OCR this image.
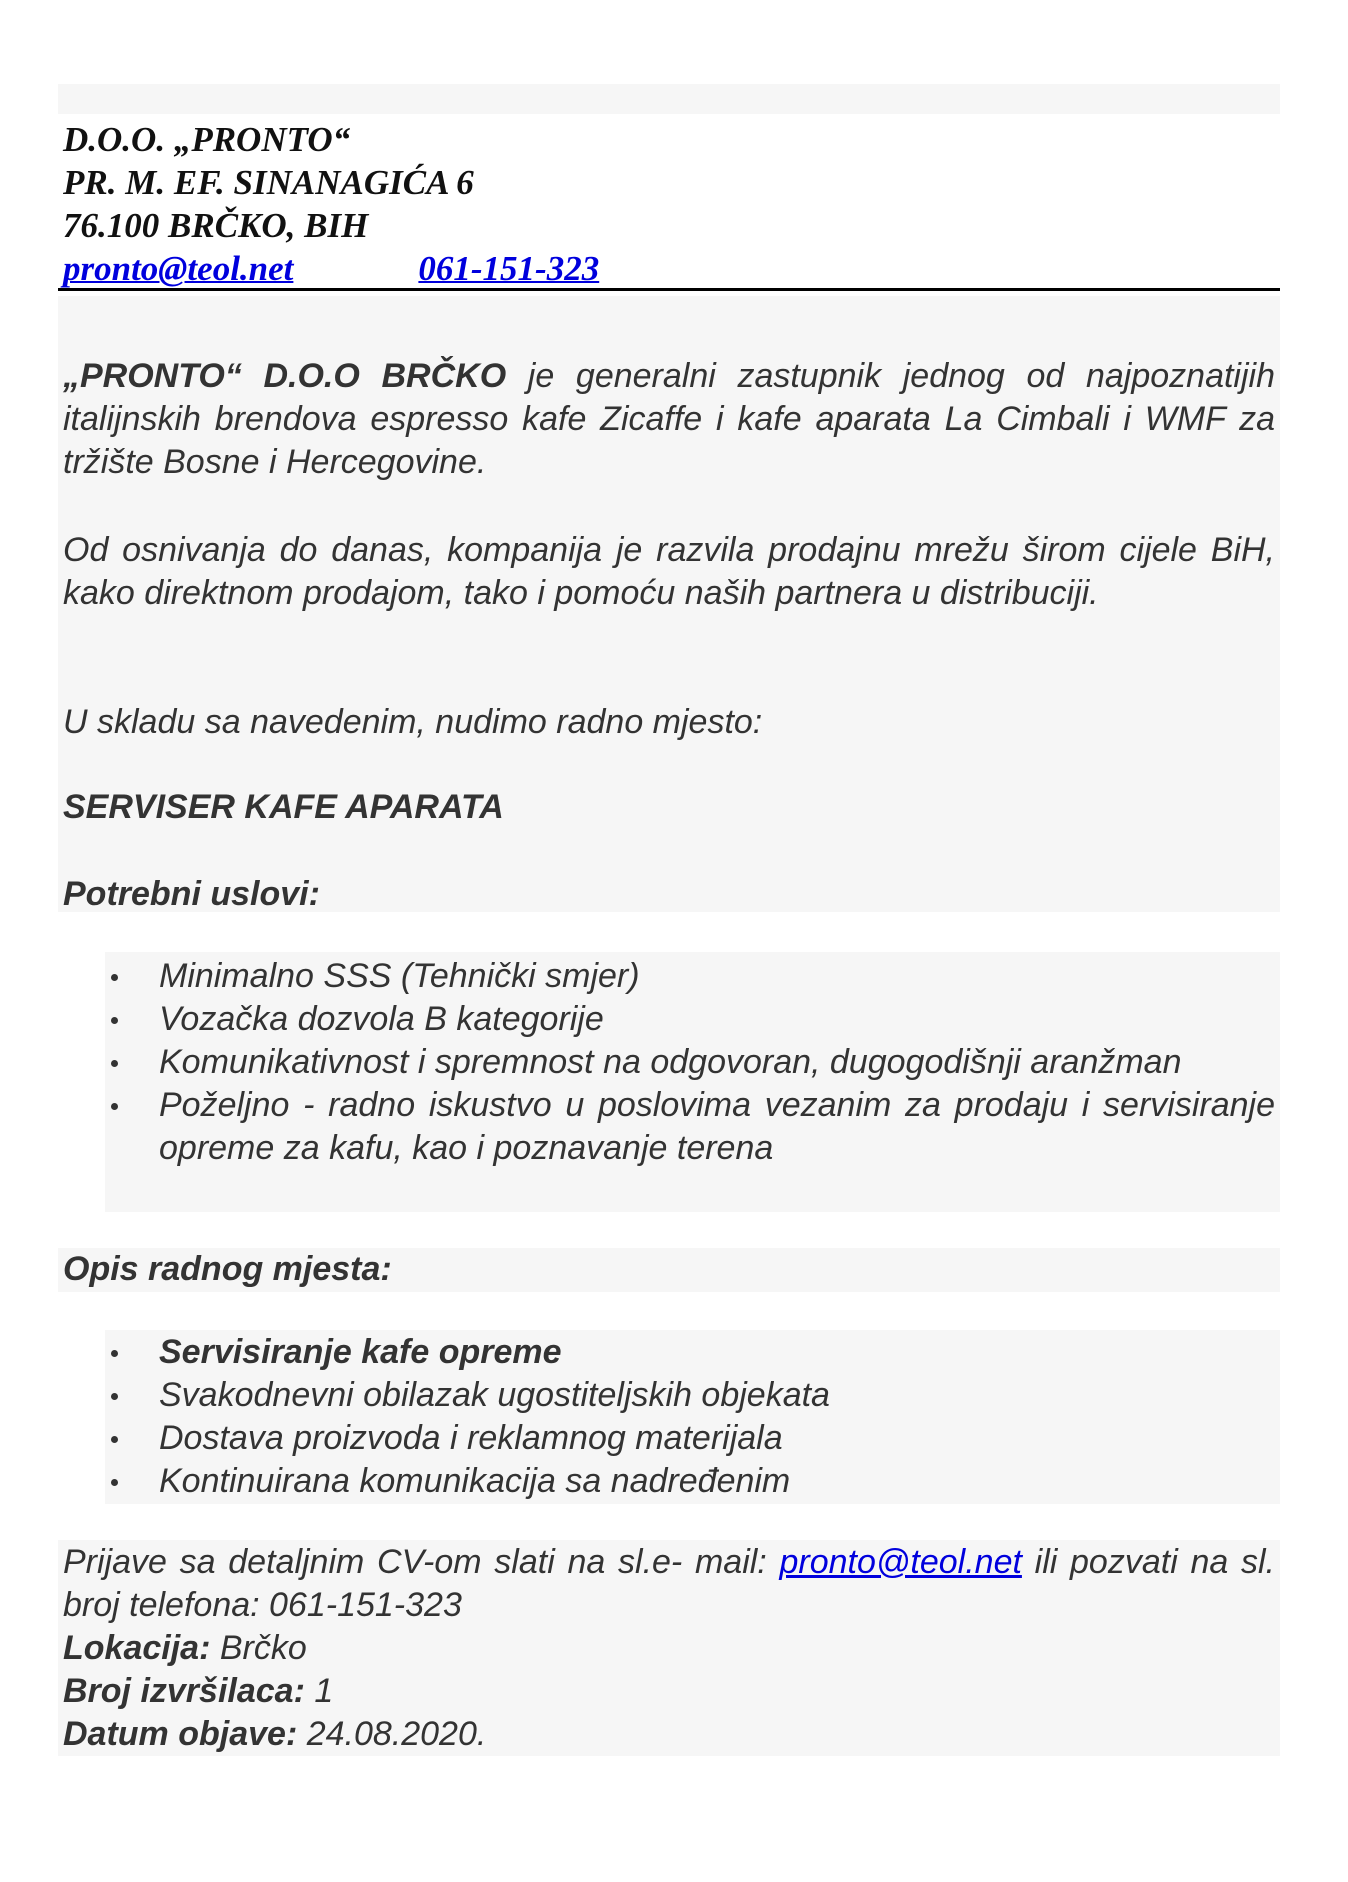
D.O.O. „PRONTO“
PR. M. EF. SINANAGIĆA 6
76.100 BRČKO, BIH
pronto@teol.net	061-151-323
„PRONTO“ D.O.O BRČKO je generalni zastupnik jednog od najpoznatijih italijnskih brendova espresso kafe Zicaffe i kafe aparata La Cimbali i WMF za tržište Bosne i Hercegovine.
Od osnivanja do danas, kompanija je razvila prodajnu mrežu širom cijele BiH, kako direktnom prodajom, tako i pomoću naših partnera u distribuciji.
U skladu sa navedenim, nudimo radno mjesto:
SERVISER KAFE APARATA
Potrebni uslovi:
Minimalno SSS (Tehnički smjer)
Vozačka dozvola B kategorije
Komunikativnost i spremnost na odgovoran, dugogodišnji aranžman
Poželjno - radno iskustvo u poslovima vezanim za prodaju i servisiranje opreme za kafu, kao i poznavanje terena
Opis radnog mjesta:
Servisiranje kafe opreme
Svakodnevni obilazak ugostiteljskih objekata
Dostava proizvoda i reklamnog materijala
Kontinuirana komunikacija sa nadređenim
Prijave sa detaljnim CV-om slati na sl.e- mail: pronto@teol.net ili pozvati na sl. broj telefona: 061-151-323
Lokacija: Brčko
Broj izvršilaca: 1
Datum objave: 24.08.2020.
